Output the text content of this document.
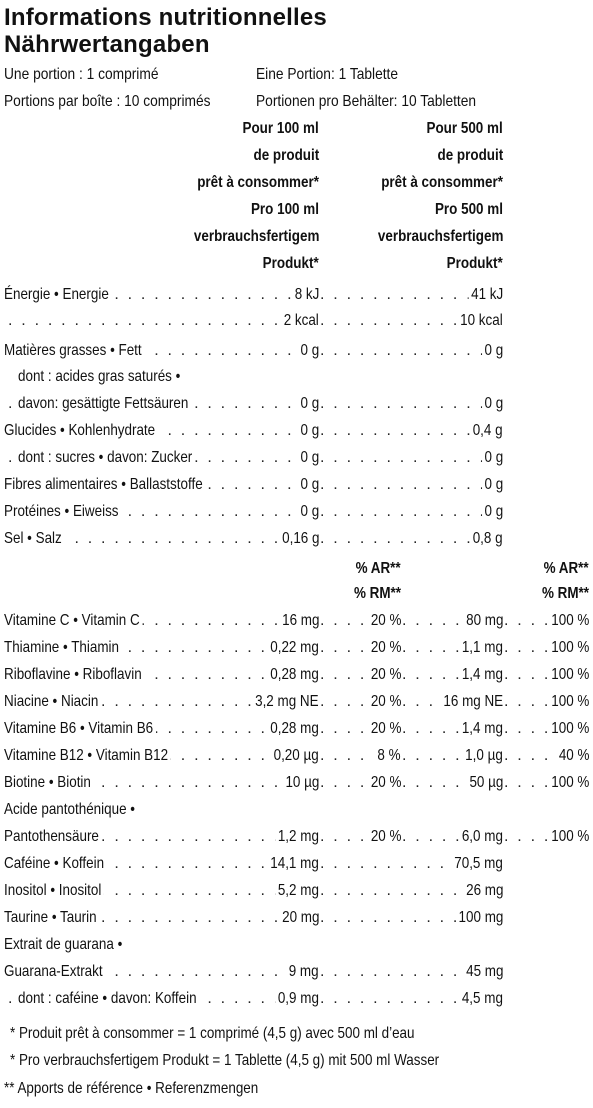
Informations nutritionnelles
Nährwertangaben
Une portion : 1 comprimé	Eine Portion: 1 Tablette
Portions par boîte : 10 comprimés	Portionen pro Behälter: 10 Tabletten
Pour 100 ml
de produit
prêt à consommer*
Pro 100 ml
verbrauchsfertigem
Produkt*
Pour 500 ml
de produit
prêt à consommer*
Pro 500 ml
verbrauchsfertigem
Produkt*
. . .
. . .
Énergie • Energie	8 kJ	41 kJ
. . .
. . .
2 kcal	10 kcal
. . .
. . .
Matières grasses • Fett	0 g	0 g
dont : acides gras saturés •
. . .
. . .
davon: gesättigte Fettsäuren	0 g	0 g
. . .
. . .
Glucides • Kohlenhydrate	0 g	0,4 g
. . .
. . .
dont : sucres • davon: Zucker	0 g	0 g
. . .
. . .
Fibres alimentaires • Ballaststoffe	0 g	0 g
. . .
. . .
Protéines • Eiweiss	0 g	0 g
. . .
. . .
Sel • Salz	0,16 g	0,8 g
% AR**
% RM**
% AR**
% RM**
. . .
. . .
. . .
. . .
Vitamine C • Vitamin C	16 mg	20 %	80 mg	100 %
. . .
. . .
. . .
. . .
Thiamine • Thiamin	0,22 mg	20 %	1,1 mg	100 %
. . .
. . .
. . .
. . .
Riboflavine • Riboflavin	0,28 mg	20 %	1,4 mg	100 %
. . .
. . .
. . .
. . .
Niacine • Niacin	3,2 mg NE	20 %	16 mg NE	100 %
. . .
. . .
. . .
. . .
Vitamine B6 • Vitamin B6	0,28 mg	20 %	1,4 mg	100 %
. . .
. . .
. . .
. . .
Vitamine B12 • Vitamin B12	0,20 µg	8 %	1,0 µg	40 %
. . .
. . .
. . .
. . .
Biotine • Biotin	10 µg	20 %	50 µg	100 %
Acide pantothénique •
. . .
. . .
. . .
. . .
Pantothensäure	1,2 mg	20 %	6,0 mg	100 %
. . .
. . .
Caféine • Koffein	14,1 mg	70,5 mg
. . .
. . .
Inositol • Inositol	5,2 mg	26 mg
. . .
. . .
Taurine • Taurin	20 mg	100 mg
Extrait de guarana •
. . .
. . .
Guarana-Extrakt	9 mg	45 mg
. . .
. . .
dont : caféine • davon: Koffein	0,9 mg	4,5 mg
* Produit prêt à consommer = 1 comprimé (4,5 g) avec 500 ml d’eau
* Pro verbrauchsfertigem Produkt = 1 Tablette (4,5 g) mit 500 ml Wasser
** Apports de référence • Referenzmengen
